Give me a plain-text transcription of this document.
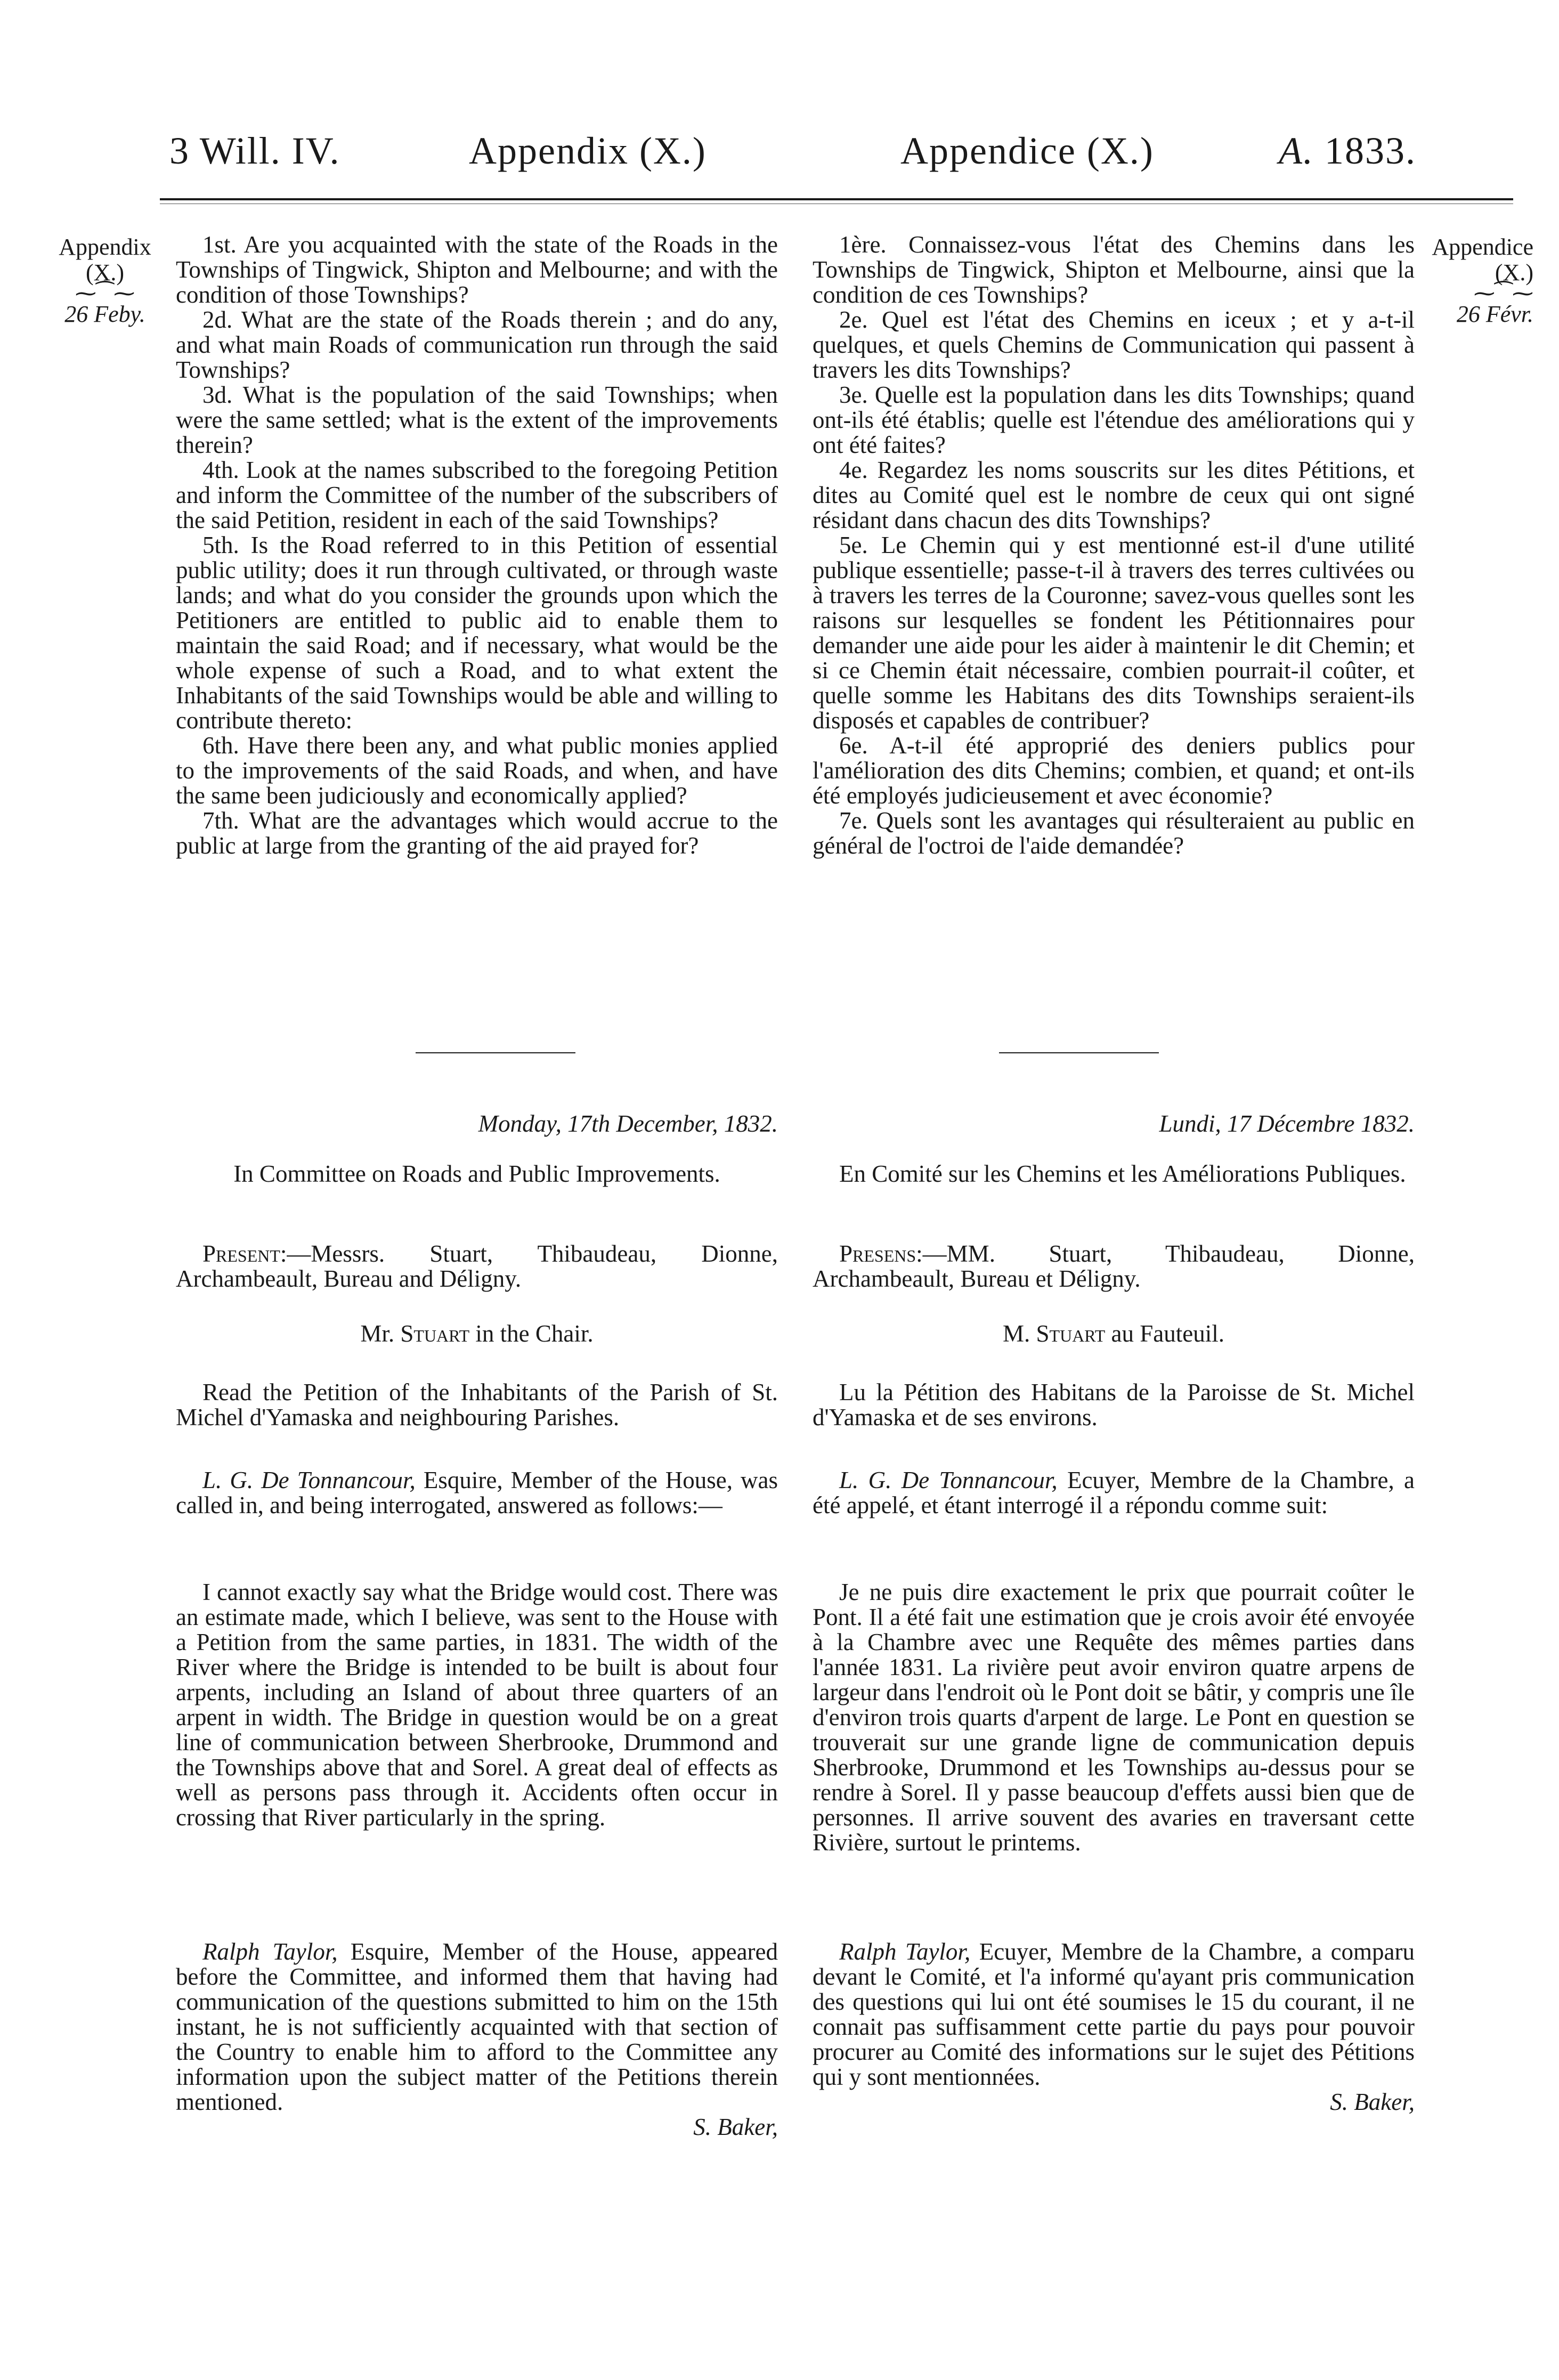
3 Will. IV.	Appendix (X.)	Appendice (X.)	A. 1833.
Appendix
(X.)
⁓⁀⁓
26 Feby.
Appendice
(X.)
⁓⁀⁓
26 Févr.

1st. Are you acquainted with the state of the Roads in the Townships of Tingwick, Shipton and Melbourne; and with the condition of those Townships?

2d. What are the state of the Roads therein ; and do any, and what main Roads of communication run through the said Townships?

3d. What is the population of the said Townships; when were the same settled; what is the extent of the improvements therein?

4th. Look at the names subscribed to the foregoing Petition and inform the Committee of the number of the subscribers of the said Petition, resident in each of the said Townships?

5th. Is the Road referred to in this Petition of essential public utility; does it run through cultivated, or through waste lands; and what do you consider the grounds upon which the Petitioners are entitled to public aid to enable them to maintain the said Road; and if necessary, what would be the whole expense of such a Road, and to what extent the Inhabitants of the said Townships would be able and willing to contribute thereto:

6th. Have there been any, and what public monies applied to the improvements of the said Roads, and when, and have the same been judiciously and economically applied?

7th. What are the advantages which would accrue to the public at large from the granting of the aid prayed for?

Monday, 17th December, 1832.

In Committee on Roads and Public Improvements.

Present:—Messrs. Stuart, Thibaudeau, Dionne, Archambeault, Bureau and Déligny.

Mr. Stuart in the Chair.

Read the Petition of the Inhabitants of the Parish of St. Michel d'Yamaska and neighbouring Parishes.

L. G. De Tonnancour, Esquire, Member of the House, was called in, and being interrogated, answered as follows:—

I cannot exactly say what the Bridge would cost. There was an estimate made, which I believe, was sent to the House with a Petition from the same parties, in 1831. The width of the River where the Bridge is intended to be built is about four arpents, including an Island of about three quarters of an arpent in width. The Bridge in question would be on a great line of communication between Sherbrooke, Drummond and the Townships above that and Sorel. A great deal of effects as well as persons pass through it. Accidents often occur in crossing that River particularly in the spring.

Ralph Taylor, Esquire, Member of the House, appeared before the Committee, and informed them that having had communication of the questions submitted to him on the 15th instant, he is not sufficiently acquainted with that section of the Country to enable him to afford to the Committee any information upon the subject matter of the Petitions therein mentioned.

S. Baker,

1ère. Connaissez-vous l'état des Chemins dans les Townships de Tingwick, Shipton et Melbourne, ainsi que la condition de ces Townships?

2e. Quel est l'état des Chemins en iceux ; et y a-t-il quelques, et quels Chemins de Communication qui passent à travers les dits Townships?

3e. Quelle est la population dans les dits Townships; quand ont-ils été établis; quelle est l'étendue des améliorations qui y ont été faites?

4e. Regardez les noms souscrits sur les dites Pétitions, et dites au Comité quel est le nombre de ceux qui ont signé résidant dans chacun des dits Townships?

5e. Le Chemin qui y est mentionné est-il d'une utilité publique essentielle; passe-t-il à travers des terres cultivées ou à travers les terres de la Couronne; savez-vous quelles sont les raisons sur lesquelles se fondent les Pétitionnaires pour demander une aide pour les aider à maintenir le dit Chemin; et si ce Chemin était nécessaire, combien pourrait-il coûter, et quelle somme les Habitans des dits Townships seraient-ils disposés et capables de contribuer?

6e. A-t-il été approprié des deniers publics pour l'amélioration des dits Chemins; combien, et quand; et ont-ils été employés judicieusement et avec économie?

7e. Quels sont les avantages qui résulteraient au public en général de l'octroi de l'aide demandée?

Lundi, 17 Décembre 1832.

En Comité sur les Chemins et les Améliorations Publiques.

Presens:—MM. Stuart, Thibaudeau, Dionne, Archambeault, Bureau et Déligny.

M. Stuart au Fauteuil.

Lu la Pétition des Habitans de la Paroisse de St. Michel d'Yamaska et de ses environs.

L. G. De Tonnancour, Ecuyer, Membre de la Chambre, a été appelé, et étant interrogé il a répondu comme suit:

Je ne puis dire exactement le prix que pourrait coûter le Pont. Il a été fait une estimation que je crois avoir été envoyée à la Chambre avec une Requête des mêmes parties dans l'année 1831. La rivière peut avoir environ quatre arpens de largeur dans l'endroit où le Pont doit se bâtir, y compris une île d'environ trois quarts d'arpent de large. Le Pont en question se trouverait sur une grande ligne de communication depuis Sherbrooke, Drummond et les Townships au-dessus pour se rendre à Sorel. Il y passe beaucoup d'effets aussi bien que de personnes. Il arrive souvent des avaries en traversant cette Rivière, surtout le printems.

Ralph Taylor, Ecuyer, Membre de la Chambre, a comparu devant le Comité, et l'a informé qu'ayant pris communication des questions qui lui ont été soumises le 15 du courant, il ne connait pas suffisamment cette partie du pays pour pouvoir procurer au Comité des informations sur le sujet des Pétitions qui y sont mentionnées.

S. Baker,
